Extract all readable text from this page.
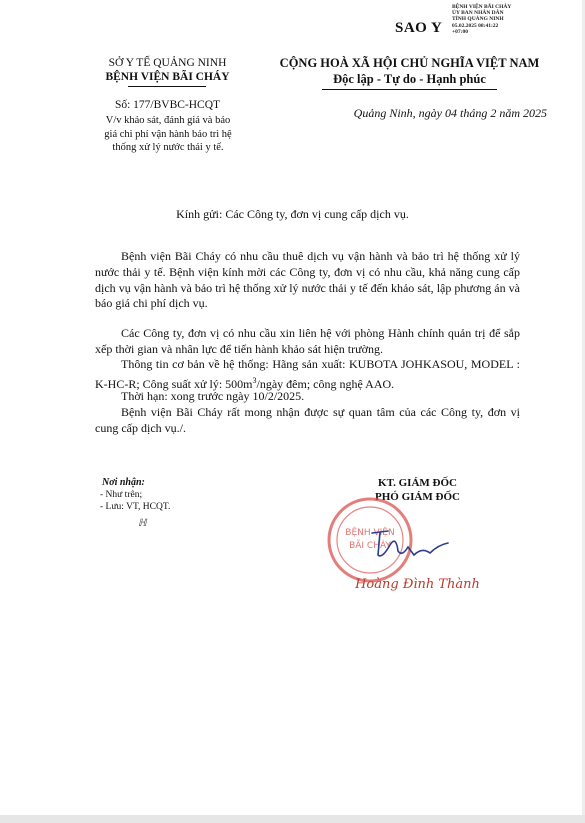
SAO Y
BỆNH VIỆN BÃI CHÁY
ỦY BAN NHÂN DÂN
TỈNH QUẢNG NINH
05.02.2025 08:41:22
+07:00
SỞ Y TẾ QUẢNG NINH
BỆNH VIỆN BÃI CHÁY
Số: 177/BVBC-HCQT
V/v khảo sát, đánh giá và báo
giá chi phí vận hành bảo trì hệ
thống xử lý nước thải y tế.
CỘNG HOÀ XÃ HỘI CHỦ NGHĨA VIỆT NAM
Độc lập - Tự do - Hạnh phúc
Quảng Ninh, ngày 04 tháng 2 năm 2025
Kính gửi: Các Công ty, đơn vị cung cấp dịch vụ.

Bệnh viện Bãi Cháy có nhu cầu thuê dịch vụ vận hành và bảo trì hệ thống xử lý nước thải y tế. Bệnh viện kính mời các Công ty, đơn vị có nhu cầu, khả năng cung cấp dịch vụ vận hành và bảo trì hệ thống xử lý nước thải y tế đến khảo sát, lập phương án và báo giá chi phí dịch vụ.

Các Công ty, đơn vị có nhu cầu xin liên hệ với phòng Hành chính quản trị để sắp xếp thời gian và nhân lực để tiến hành khảo sát hiện trường.

Thông tin cơ bản về hệ thống: Hãng sản xuất: KUBOTA JOHKASOU, MODEL : K-HC-R; Công suất xử lý: $500m^3$/ngày đêm; công nghệ AAO.

Thời hạn: xong trước ngày 10/2/2025.

Bệnh viện Bãi Cháy rất mong nhận được sự quan tâm của các Công ty, đơn vị cung cấp dịch vụ./.

Nơi nhận:
- Như trên;
- Lưu: VT, HCQT.
ℍ
KT. GIÁM ĐỐC
PHÓ GIÁM ĐỐC
BỆNH VIỆN
BÃI CHÁY
Hoàng Đình Thành
